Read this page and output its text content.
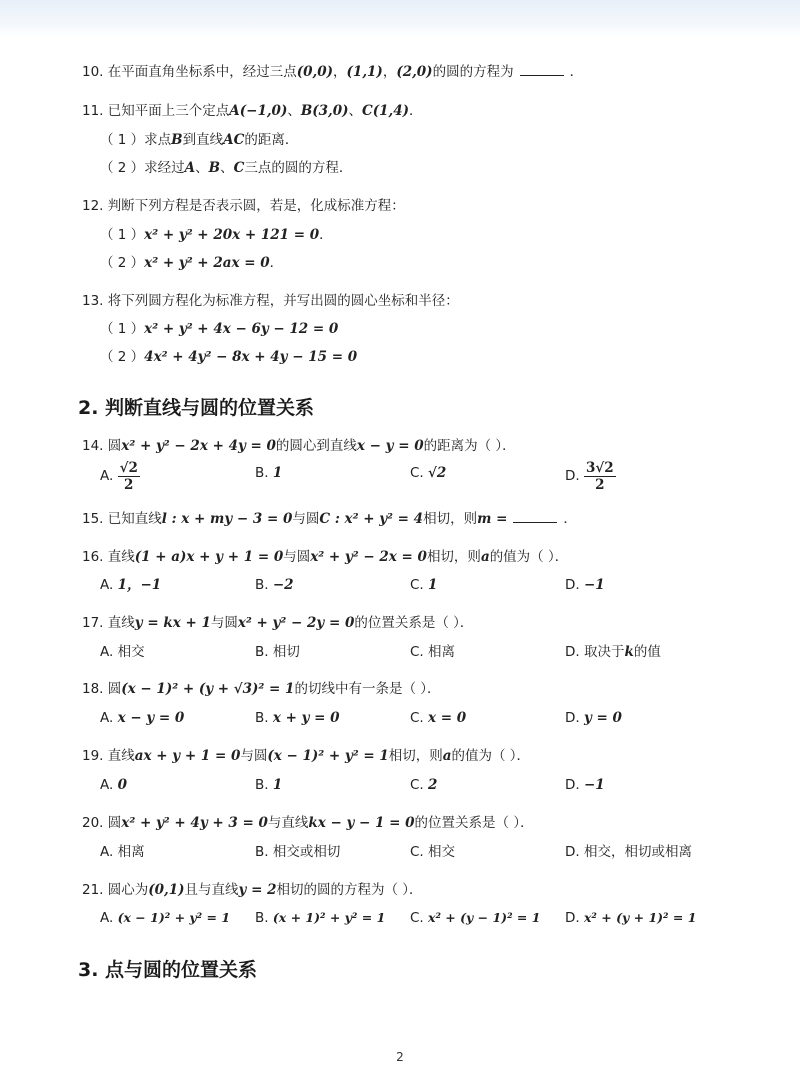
10. 在平面直角坐标系中，经过三点(0,0)，(1,1)，(2,0)的圆的方程为	．
11. 已知平面上三个定点A(−1,0)、B(3,0)、C(1,4)．
（ 1 ）求点B到直线AC的距离．
（ 2 ）求经过A、B、C三点的圆的方程．
12. 判断下列方程是否表示圆，若是，化成标准方程：
（ 1 ）x² + y² + 20x + 121 = 0．
（ 2 ）x² + y² + 2ax = 0．
13. 将下列圆方程化为标准方程，并写出圆的圆心坐标和半径：
（ 1 ）x² + y² + 4x − 6y − 12 = 0
（ 2 ）4x² + 4y² − 8x + 4y − 15 = 0
2. 判断直线与圆的位置关系
14. 圆x² + y² − 2x + 4y = 0的圆心到直线x − y = 0的距离为（ ）．
A. $\frac{√2}{2}$	B. 1	C. √2	D. $\frac{3√2}{2}$
15. 已知直线l : x + my − 3 = 0与圆C : x² + y² = 4相切，则m =	．
16. 直线(1 + a)x + y + 1 = 0与圆x² + y² − 2x = 0相切，则a的值为（ ）．
A. 1，−1	B. −2	C. 1	D. −1
17. 直线y = kx + 1与圆x² + y² − 2y = 0的位置关系是（ ）．
A. 相交	B. 相切	C. 相离	D. 取决于k的值
18. 圆(x − 1)² + (y + √3)² = 1的切线中有一条是（ ）．
A. x − y = 0	B. x + y = 0	C. x = 0	D. y = 0
19. 直线ax + y + 1 = 0与圆(x − 1)² + y² = 1相切，则a的值为（ ）．
A. 0	B. 1	C. 2	D. −1
20. 圆x² + y² + 4y + 3 = 0与直线kx − y − 1 = 0的位置关系是（ ）．
A. 相离	B. 相交或相切	C. 相交	D. 相交，相切或相离
21. 圆心为(0,1)且与直线y = 2相切的圆的方程为（ ）．
A. (x − 1)² + y² = 1 B. (x + 1)² + y² = 1 C. x² + (y − 1)² = 1 D. x² + (y + 1)² = 1
3. 点与圆的位置关系
2
